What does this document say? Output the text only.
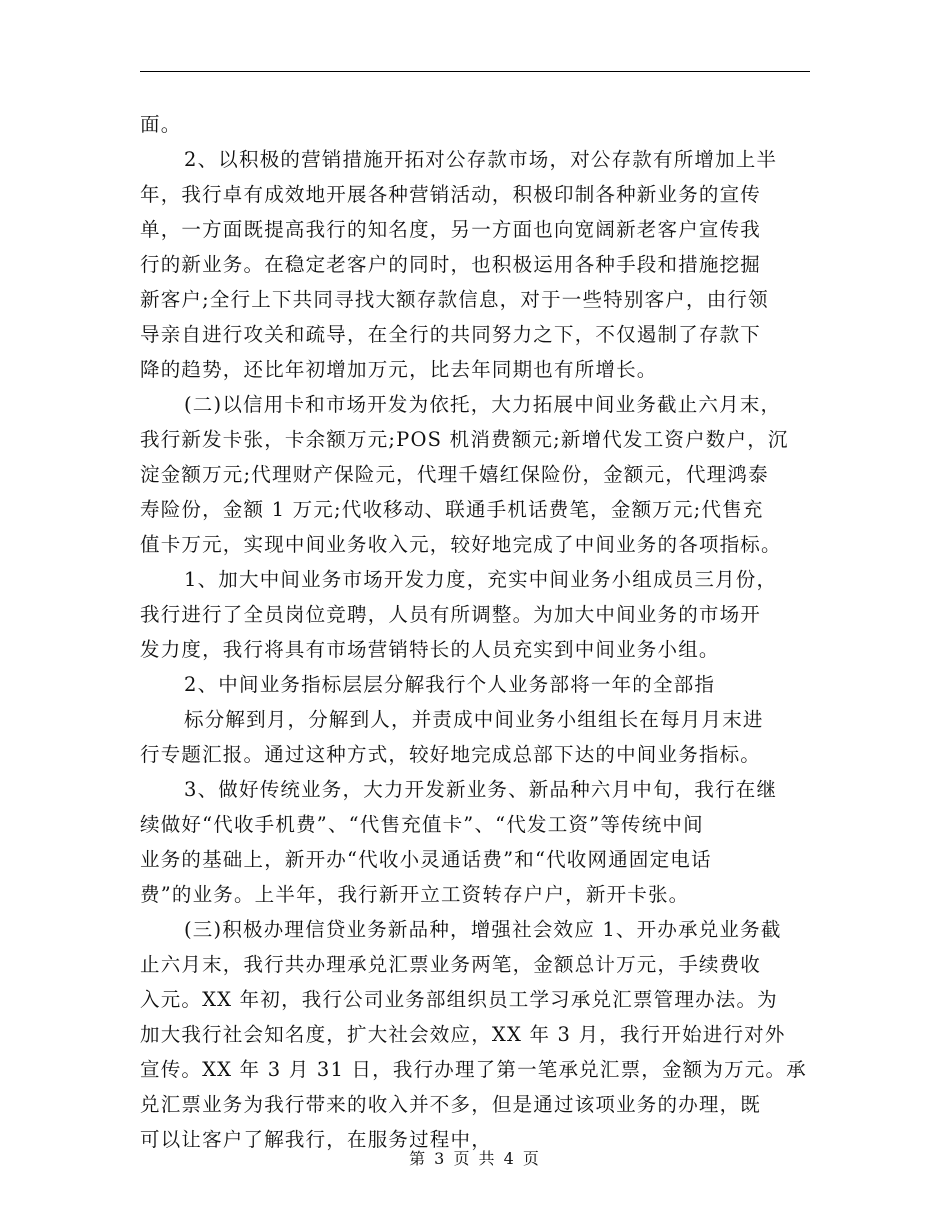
面。
2、以积极的营销措施开拓对公存款市场，对公存款有所增加上半
年，我行卓有成效地开展各种营销活动，积极印制各种新业务的宣传
单，一方面既提高我行的知名度，另一方面也向宽阔新老客户宣传我
行的新业务。在稳定老客户的同时，也积极运用各种手段和措施挖掘
新客户;全行上下共同寻找大额存款信息，对于一些特别客户，由行领
导亲自进行攻关和疏导，在全行的共同努力之下，不仅遏制了存款下
降的趋势，还比年初增加万元，比去年同期也有所增长。
(二)以信用卡和市场开发为依托，大力拓展中间业务截止六月末，
我行新发卡张，卡余额万元;POS 机消费额元;新增代发工资户数户，沉
淀金额万元;代理财产保险元，代理千嬉红保险份，金额元，代理鸿泰
寿险份，金额 1 万元;代收移动、联通手机话费笔，金额万元;代售充
值卡万元，实现中间业务收入元，较好地完成了中间业务的各项指标。
1、加大中间业务市场开发力度，充实中间业务小组成员三月份，
我行进行了全员岗位竞聘，人员有所调整。为加大中间业务的市场开
发力度，我行将具有市场营销特长的人员充实到中间业务小组。
2、中间业务指标层层分解我行个人业务部将一年的全部指
标分解到月，分解到人，并责成中间业务小组组长在每月月末进
行专题汇报。通过这种方式，较好地完成总部下达的中间业务指标。
3、做好传统业务，大力开发新业务、新品种六月中旬，我行在继
续做好“代收手机费”、“代售充值卡”、“代发工资”等传统中间
业务的基础上，新开办“代收小灵通话费”和“代收网通固定电话
费”的业务。上半年，我行新开立工资转存户户，新开卡张。
(三)积极办理信贷业务新品种，增强社会效应 1、开办承兑业务截
止六月末，我行共办理承兑汇票业务两笔，金额总计万元，手续费收
入元。XX 年初，我行公司业务部组织员工学习承兑汇票管理办法。为
加大我行社会知名度，扩大社会效应，XX 年 3 月，我行开始进行对外
宣传。XX 年 3 月 31 日，我行办理了第一笔承兑汇票，金额为万元。承
兑汇票业务为我行带来的收入并不多，但是通过该项业务的办理，既
可以让客户了解我行，在服务过程中，
第 3 页 共 4 页
